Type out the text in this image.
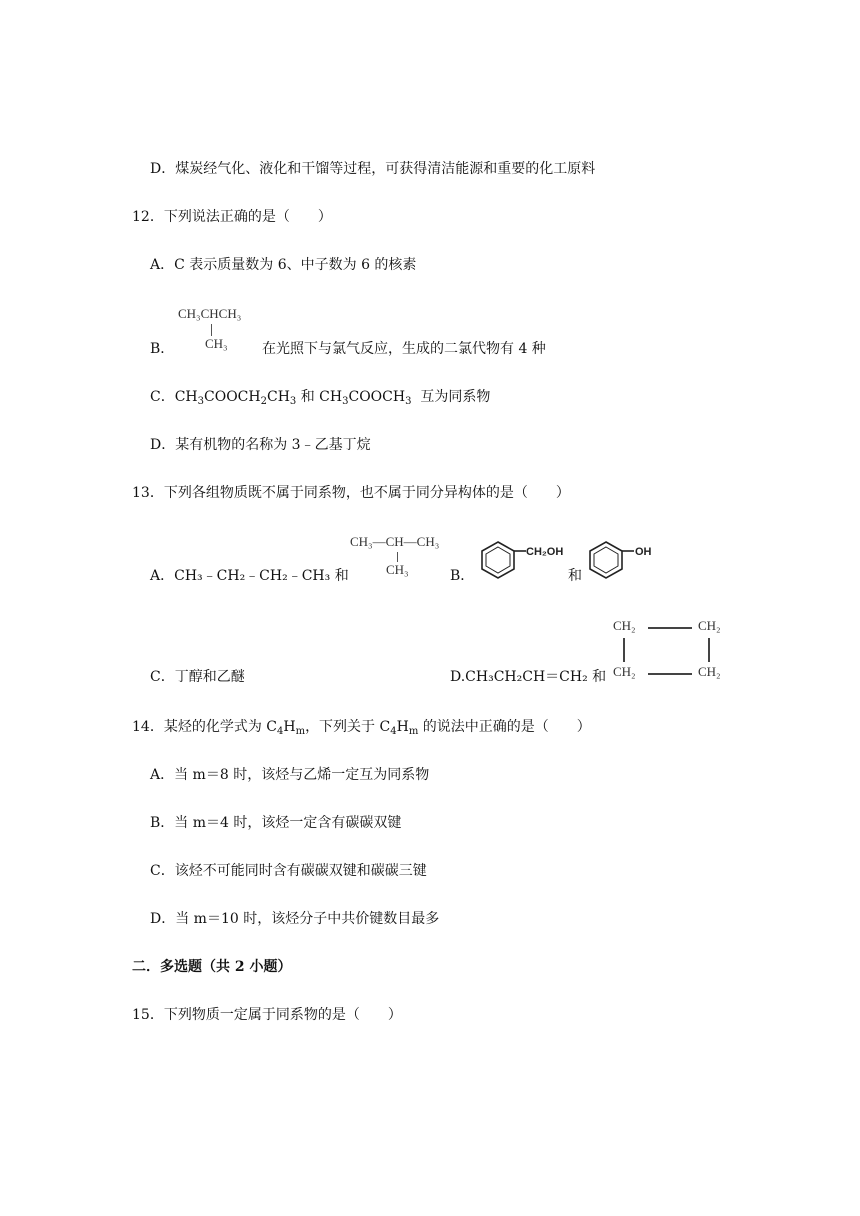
D．煤炭经气化、液化和干馏等过程，可获得清洁能源和重要的化工原料
12．下列说法正确的是（　　）
A．C 表示质量数为 6、中子数为 6 的核素
B．
CH₃CHCH₃
CH₃ 在光照下与氯气反应，生成的二氯代物有 4 种
C．$CH_3COOCH_2CH_3$ 和 $CH_3COOCH_3$ 互为同系物
D．某有机物的名称为 3﹣乙基丁烷
13．下列各组物质既不属于同系物，也不属于同分异构体的是（　　）
A．CH₃﹣CH₂﹣CH₂﹣CH₃ 和
CH₃—CH—CH₃
CH₃	B．
CH₂OH
和
OH
C．丁醇和乙醚	D.CH₃CH₂CH＝CH₂ 和
CH₂	CH₂
CH₂	CH₂
14．某烃的化学式为 $C_4H_m$，下列关于 $C_4H_m$ 的说法中正确的是（　　）
A．当 m＝8 时，该烃与乙烯一定互为同系物
B．当 m＝4 时，该烃一定含有碳碳双键
C．该烃不可能同时含有碳碳双键和碳碳三键
D．当 m＝10 时，该烃分子中共价键数目最多
二．多选题（共 2 小题）
15．下列物质一定属于同系物的是（　　）
